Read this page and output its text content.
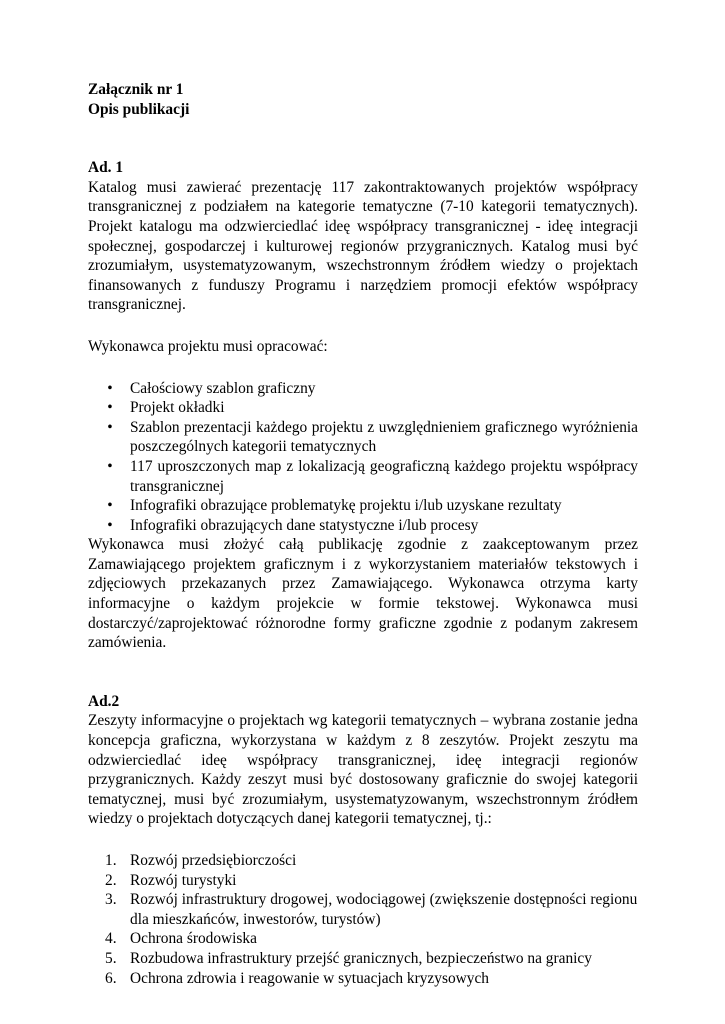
Załącznik nr 1

Opis publikacji

Ad. 1

Katalog musi zawierać prezentację 117 zakontraktowanych projektów współpracy transgranicznej z podziałem na kategorie tematyczne (7-10 kategorii tematycznych). Projekt katalogu ma odzwierciedlać ideę współpracy transgranicznej - ideę integracji społecznej, gospodarczej i kulturowej regionów przygranicznych. Katalog musi być zrozumiałym, usystematyzowanym, wszechstronnym źródłem wiedzy o projektach finansowanych z funduszy Programu i narzędziem promocji efektów współpracy transgranicznej.

Wykonawca projektu musi opracować:

• Całościowy szablon graficzny
• Projekt okładki
• Szablon prezentacji każdego projektu z uwzględnieniem graficznego wyróżnienia poszczególnych kategorii tematycznych
• 117 uproszczonych map z lokalizacją geograficzną każdego projektu współpracy transgranicznej
• Infografiki obrazujące problematykę projektu i/lub uzyskane rezultaty
• Infografiki obrazujących dane statystyczne i/lub procesy

Wykonawca musi złożyć całą publikację zgodnie z zaakceptowanym przez Zamawiającego projektem graficznym i z wykorzystaniem materiałów tekstowych i zdjęciowych przekazanych przez Zamawiającego. Wykonawca otrzyma karty informacyjne o każdym projekcie w formie tekstowej. Wykonawca musi dostarczyć/zaprojektować różnorodne formy graficzne zgodnie z podanym zakresem zamówienia.

Ad.2

Zeszyty informacyjne o projektach wg kategorii tematycznych – wybrana zostanie jedna koncepcja graficzna, wykorzystana w każdym z 8 zeszytów. Projekt zeszytu ma odzwierciedlać ideę współpracy transgranicznej, ideę integracji regionów przygranicznych. Każdy zeszyt musi być dostosowany graficznie do swojej kategorii tematycznej, musi być zrozumiałym, usystematyzowanym, wszechstronnym źródłem wiedzy o projektach dotyczących danej kategorii tematycznej, tj.:

1. Rozwój przedsiębiorczości
2. Rozwój turystyki
3. Rozwój infrastruktury drogowej, wodociągowej (zwiększenie dostępności regionu dla mieszkańców, inwestorów, turystów)
4. Ochrona środowiska
5. Rozbudowa infrastruktury przejść granicznych, bezpieczeństwo na granicy
6. Ochrona zdrowia i reagowanie w sytuacjach kryzysowych
